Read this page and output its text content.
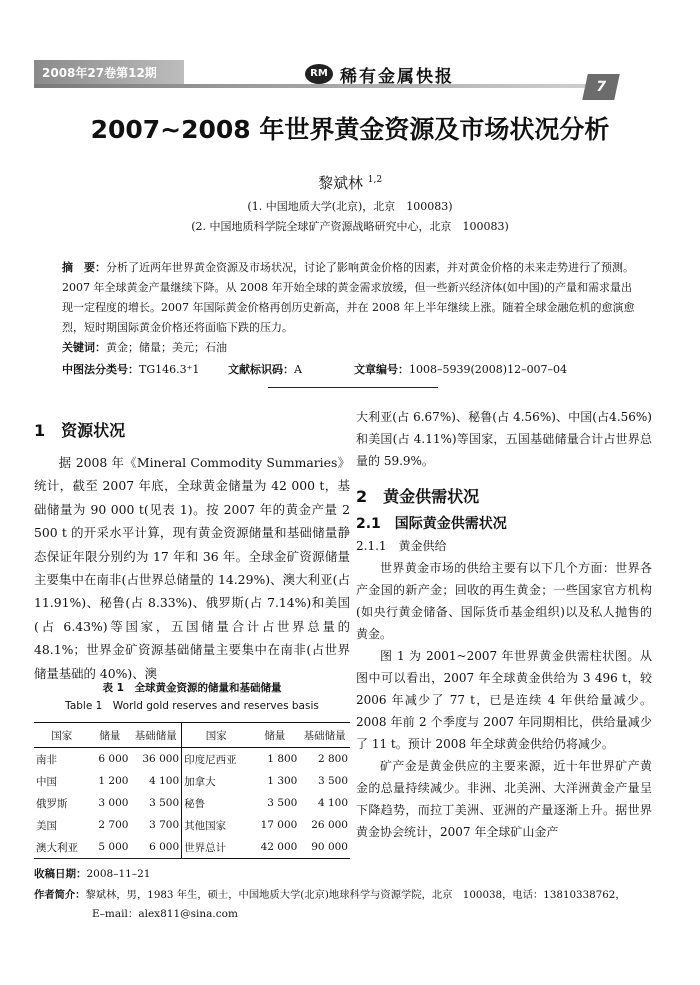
2008年27卷第12期	RM 稀有金属快报	7
2007~2008 年世界黄金资源及市场状况分析
黎斌林 $^{1,2}$
(1. 中国地质大学(北京)，北京　100083)
(2. 中国地质科学院全球矿产资源战略研究中心，北京　100083)
摘　要：分析了近两年世界黄金资源及市场状况，讨论了影响黄金价格的因素，并对黄金价格的未来走势进行了预测。2007 年全球黄金产量继续下降。从 2008 年开始全球的黄金需求放缓，但一些新兴经济体(如中国)的产量和需求量出现一定程度的增长。2007 年国际黄金价格再创历史新高，并在 2008 年上半年继续上涨。随着全球金融危机的愈演愈烈，短时期国际黄金价格还将面临下跌的压力。
关键词：黄金；储量；美元；石油
中图法分类号：TG146.3⁺1	文献标识码：A	文章编号：1008–5939(2008)12–007–04
1　资源状况

据 2008 年《Mineral Commodity Summaries》统计，截至 2007 年底，全球黄金储量为 42 000 t，基础储量为 90 000 t(见表 1)。按 2007 年的黄金产量 2 500 t 的开采水平计算，现有黄金资源储量和基础储量静态保证年限分别约为 17 年和 36 年。全球金矿资源储量主要集中在南非(占世界总储量的 14.29%)、澳大利亚(占 11.91%)、秘鲁(占 8.33%)、俄罗斯(占 7.14%)和美国(占 6.43%)等国家，五国储量合计占世界总量的 48.1%；世界金矿资源基础储量主要集中在南非(占世界储量基础的 40%)、澳

表 1　全球黄金资源的储量和基础储量
Table 1　World gold reserves and reserves basis
国家	储量	基础储量	国家	储量	基础储量
南非	6 000	36 000	印度尼西亚	1 800	2 800
中国	1 200	4 100	加拿大	1 300	3 500
俄罗斯	3 000	3 500	秘鲁	3 500	4 100
美国	2 700	3 700	其他国家	17 000	26 000
澳大利亚	5 000	6 000	世界总计	42 000	90 000

大利亚(占 6.67%)、秘鲁(占 4.56%)、中国(占4.56%)和美国(占 4.11%)等国家，五国基础储量合计占世界总量的 59.9%。

2　黄金供需状况
2.1　国际黄金供需状况
2.1.1　黄金供给

世界黄金市场的供给主要有以下几个方面：世界各产金国的新产金；回收的再生黄金；一些国家官方机构(如央行黄金储备、国际货币基金组织)以及私人抛售的黄金。

图 1 为 2001~2007 年世界黄金供需柱状图。从图中可以看出，2007 年全球黄金供给为 3 496 t，较 2006 年减少了 77 t，已是连续 4 年供给量减少。2008 年前 2 个季度与 2007 年同期相比，供给量减少了 11 t。预计 2008 年全球黄金供给仍将减少。

矿产金是黄金供应的主要来源，近十年世界矿产黄金的总量持续减少。非洲、北美洲、大洋洲黄金产量呈下降趋势，而拉丁美洲、亚洲的产量逐渐上升。据世界黄金协会统计，2007 年全球矿山金产

收稿日期：2008–11–21
作者简介：黎斌林，男，1983 年生，硕士，中国地质大学(北京)地球科学与资源学院，北京　100038，电话：13810338762，
E–mail：alex811@sina.com
